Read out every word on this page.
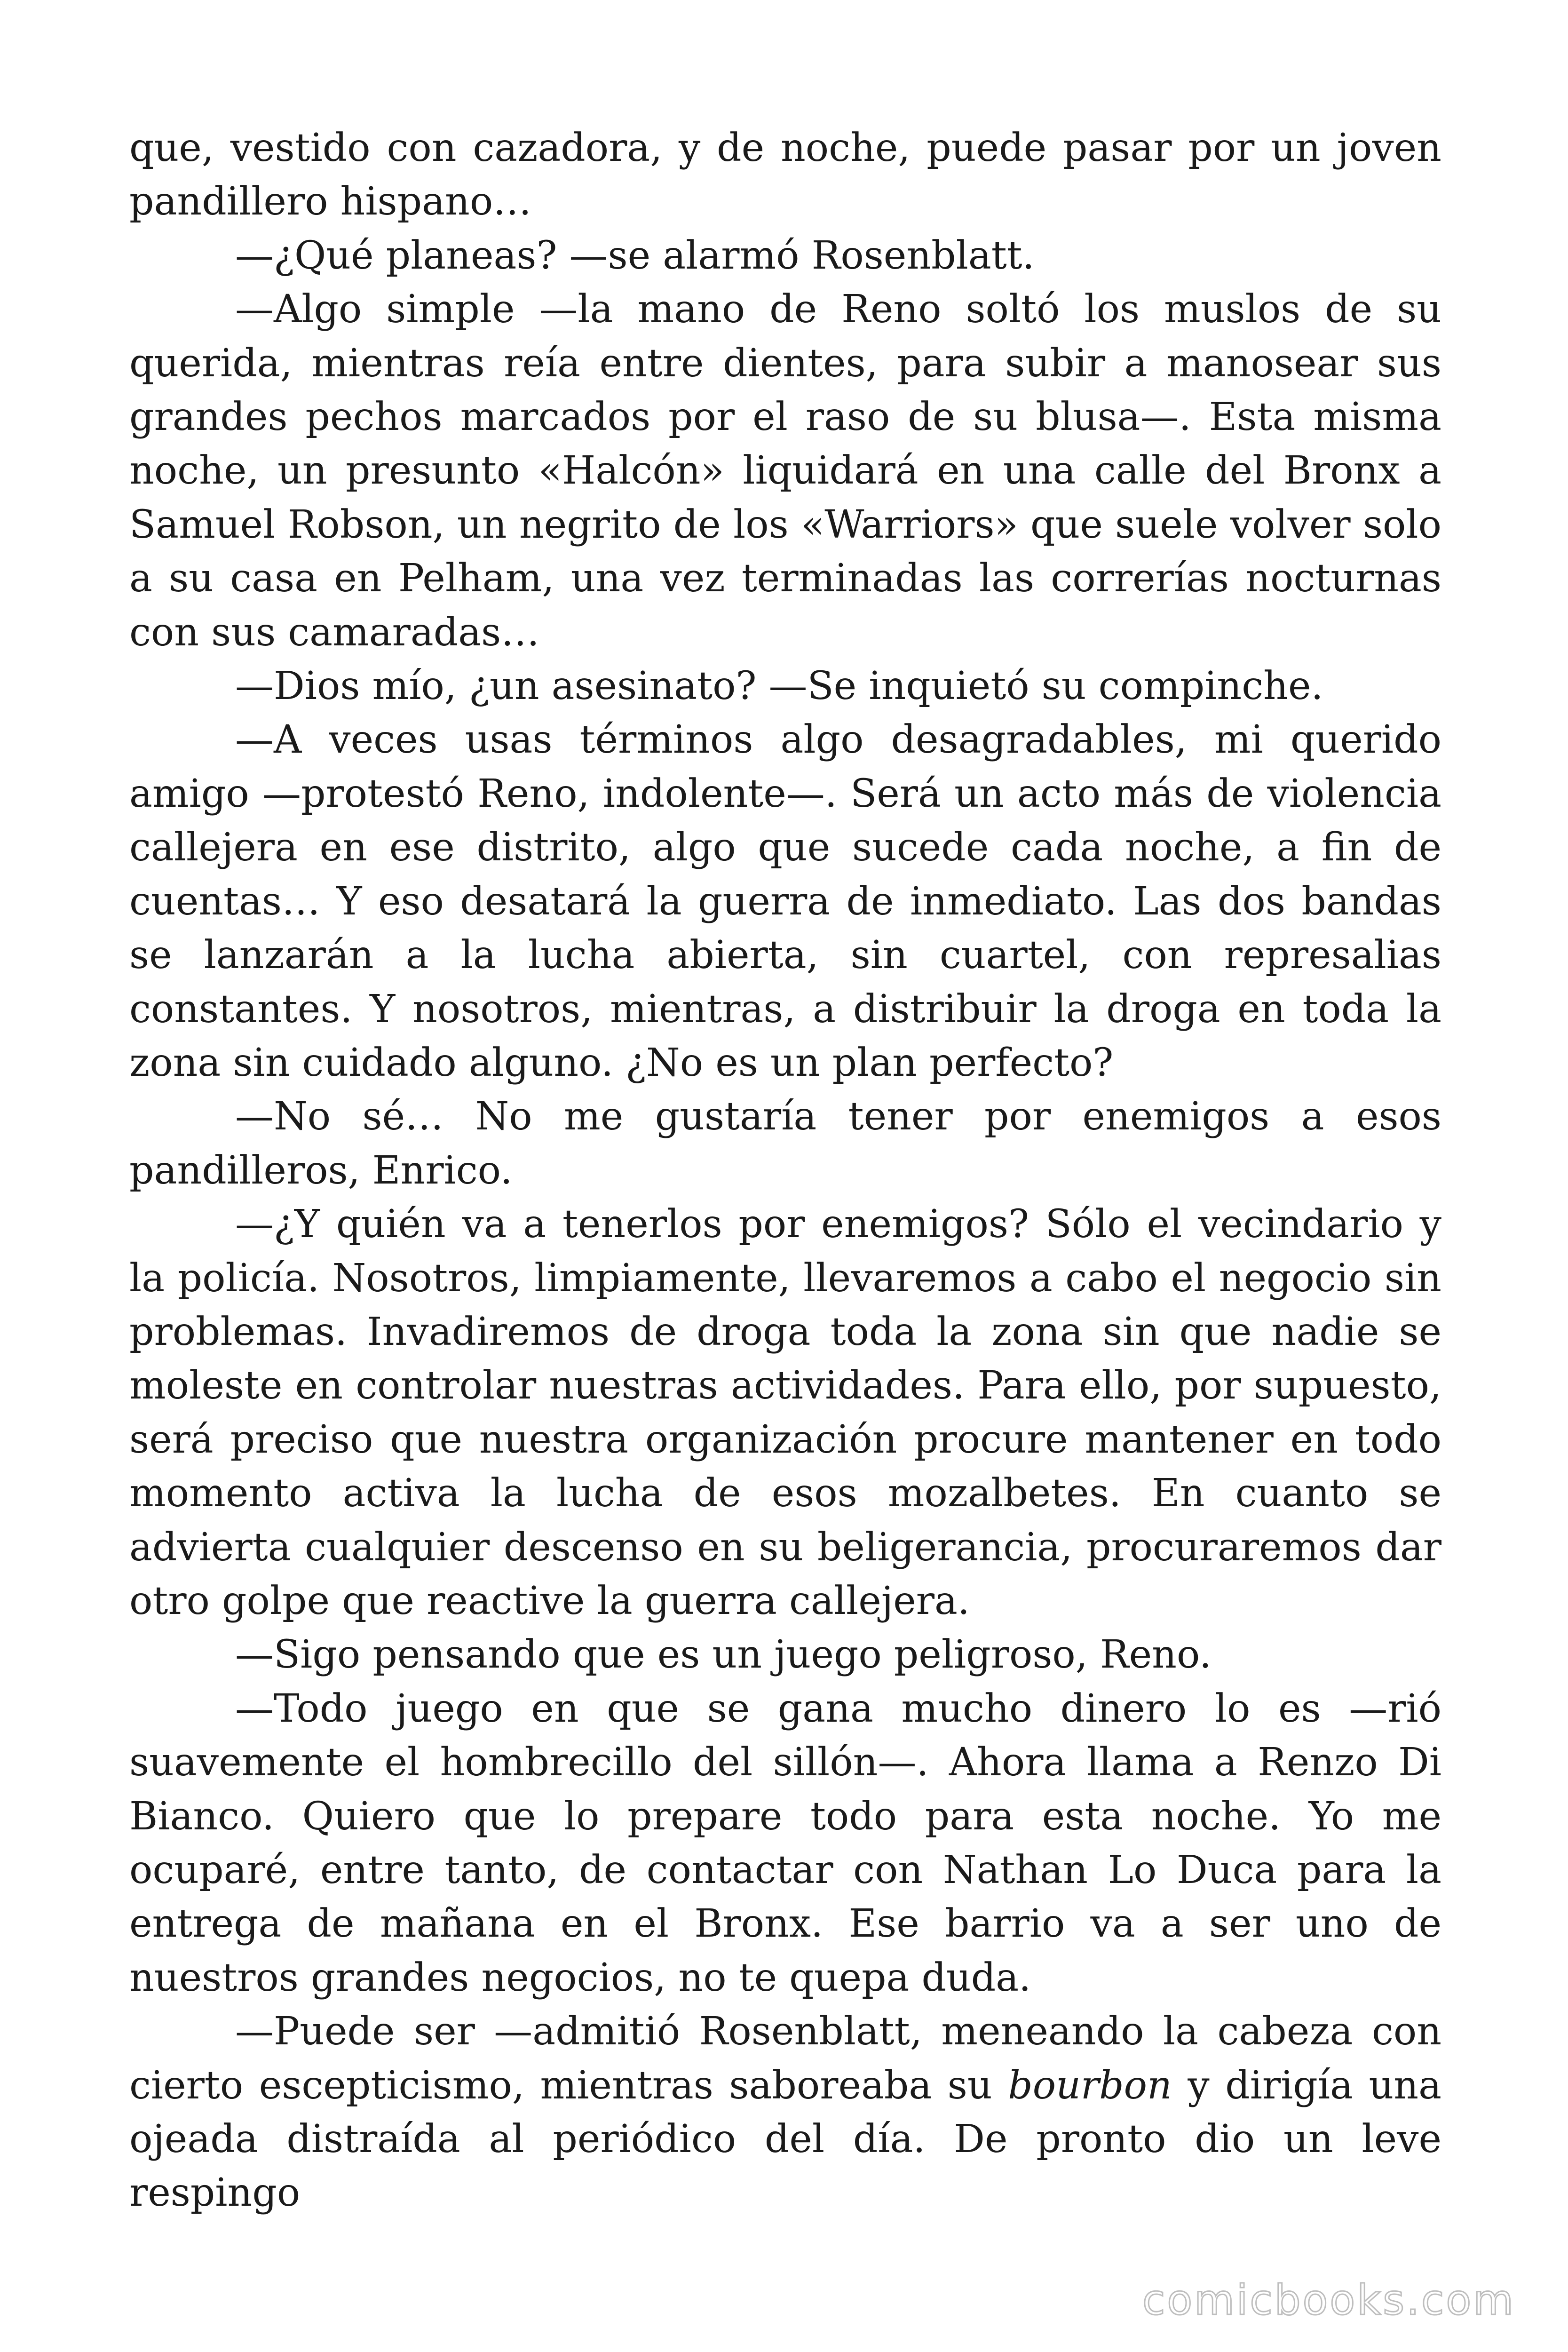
que, vestido con cazadora, y de noche, puede pasar por un joven pandillero hispano…

—¿Qué planeas? —se alarmó Rosenblatt.

—Algo simple —la mano de Reno soltó los muslos de su querida, mientras reía entre dientes, para subir a manosear sus grandes pechos marcados por el raso de su blusa—. Esta misma noche, un presunto «Halcón» liquidará en una calle del Bronx a Samuel Robson, un negrito de los «Warriors» que suele volver solo a su casa en Pelham, una vez terminadas las correrías nocturnas con sus camaradas…

—Dios mío, ¿un asesinato? —Se inquietó su compinche.

—A veces usas términos algo desagradables, mi querido amigo —protestó Reno, indolente—. Será un acto más de violencia callejera en ese distrito, algo que sucede cada noche, a fin de cuentas… Y eso desatará la guerra de inmediato. Las dos bandas se lanzarán a la lucha abierta, sin cuartel, con represalias constantes. Y nosotros, mientras, a distribuir la droga en toda la zona sin cuidado alguno. ¿No es un plan perfecto?

—No sé… No me gustaría tener por enemigos a esos pandilleros, Enrico.

—¿Y quién va a tenerlos por enemigos? Sólo el vecindario y la policía. Nosotros, limpiamente, llevaremos a cabo el negocio sin problemas. Invadiremos de droga toda la zona sin que nadie se moleste en controlar nuestras actividades. Para ello, por supuesto, será preciso que nuestra organización procure mantener en todo momento activa la lucha de esos mozalbetes. En cuanto se advierta cualquier descenso en su beligerancia, procuraremos dar otro golpe que reactive la guerra callejera.

—Sigo pensando que es un juego peligroso, Reno.

—Todo juego en que se gana mucho dinero lo es —rió suavemente el hombrecillo del sillón—. Ahora llama a Renzo Di Bianco. Quiero que lo prepare todo para esta noche. Yo me ocuparé, entre tanto, de contactar con Nathan Lo Duca para la entrega de mañana en el Bronx. Ese barrio va a ser uno de nuestros grandes negocios, no te quepa duda.

—Puede ser —admitió Rosenblatt, meneando la cabeza con cierto escepticismo, mientras saboreaba su bourbon y dirigía una ojeada distraída al periódico del día. De pronto dio un leve respingo

comicbooks.com
